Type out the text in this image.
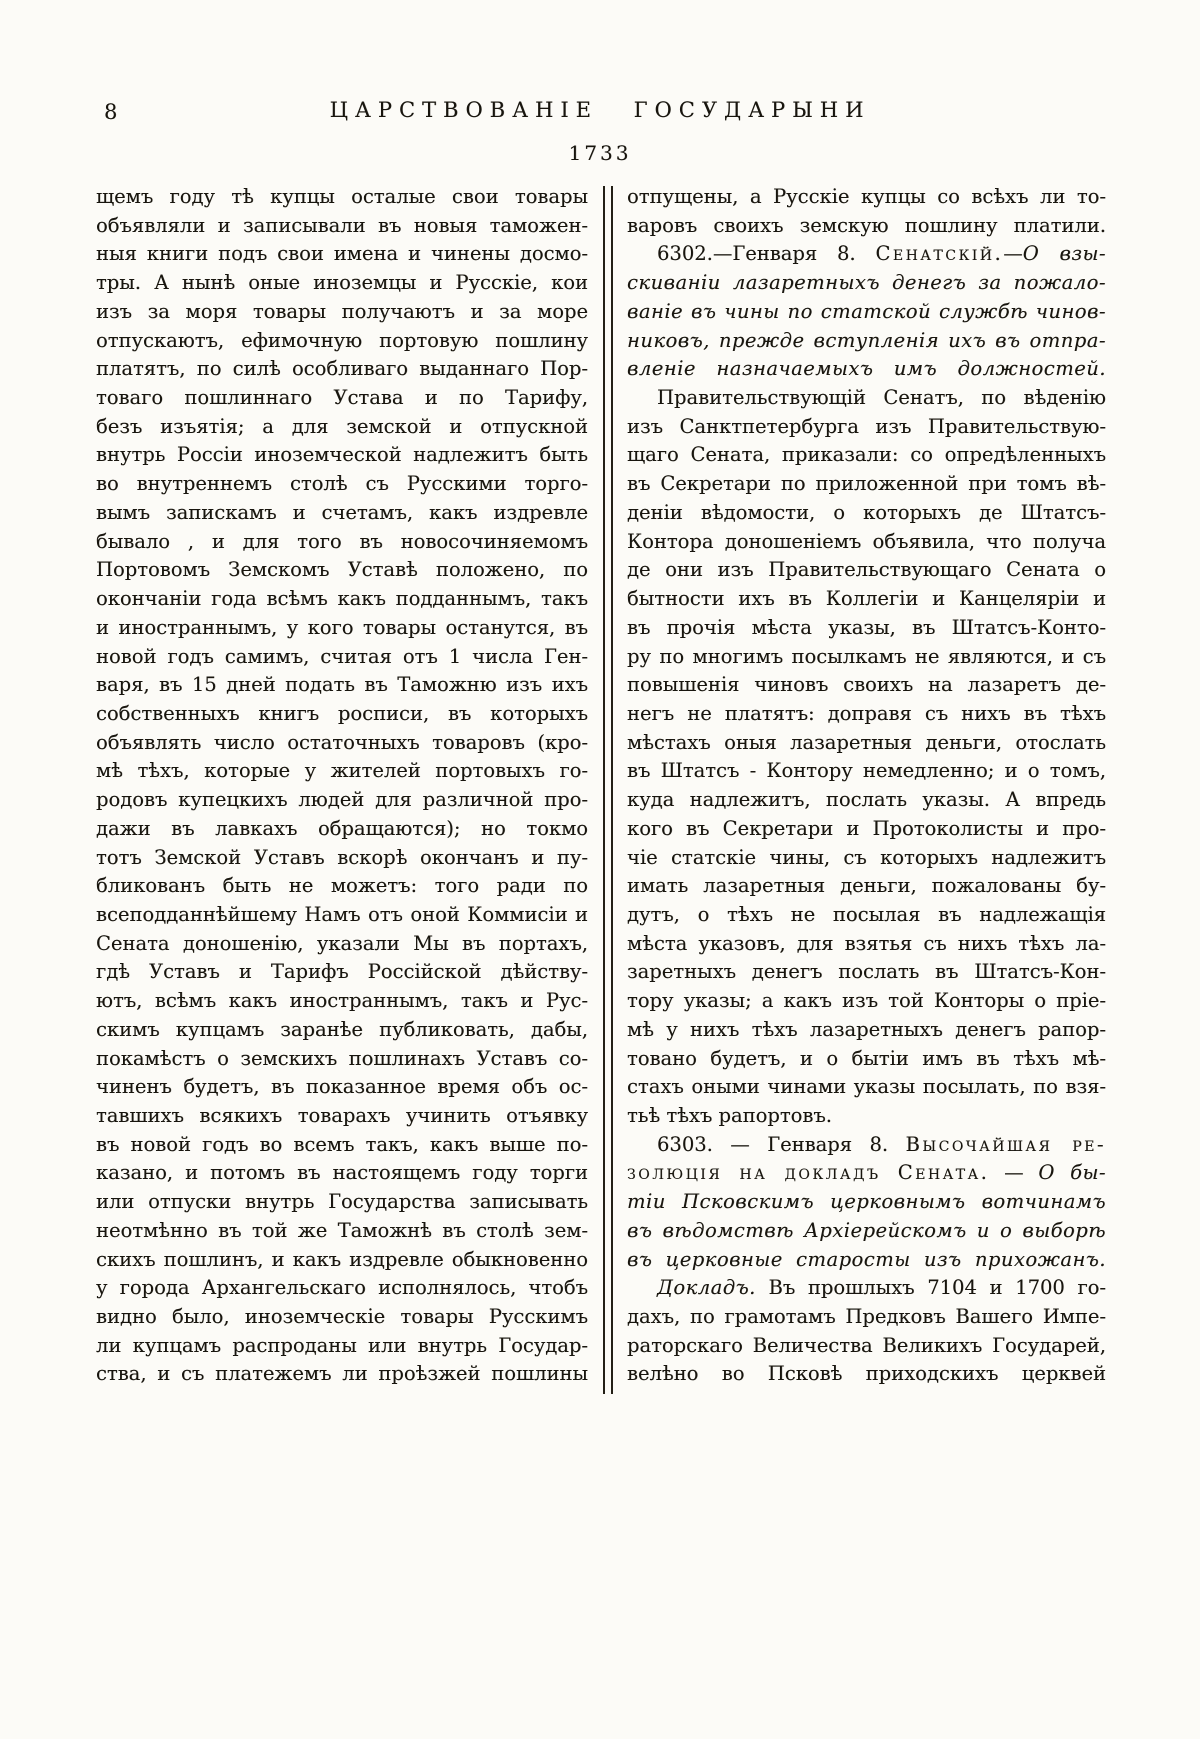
8	ЦАРСТВОВАНІЕ ГОСУДАРЫНИ
1733
щемъ году тѣ купцы осталые свои товары
объявляли и записывали въ новыя таможен-
ныя книги подъ свои имена и чинены досмо-
тры. А нынѣ оные иноземцы и Русскіе, кои
изъ за моря товары получаютъ и за море
отпускаютъ, ефимочную портовую пошлину
платятъ, по силѣ особливаго выданнаго Пор-
товаго пошлиннаго Устава и по Тарифу,
безъ изъятія; а для земской и отпускной
внутрь Россіи иноземческой надлежитъ быть
во внутреннемъ столѣ съ Русскими торго-
вымъ запискамъ и счетамъ, какъ издревле
бывало , и для того въ новосочиняемомъ
Портовомъ Земскомъ Уставѣ положено, по
окончаніи года всѣмъ какъ подданнымъ, такъ
и иностраннымъ, у кого товары останутся, въ
новой годъ самимъ, считая отъ 1 числа Ген-
варя, въ 15 дней подать въ Таможню изъ ихъ
собственныхъ книгъ росписи, въ которыхъ
объявлять число остаточныхъ товаровъ (кро-
мѣ тѣхъ, которые у жителей портовыхъ го-
родовъ купецкихъ людей для различной про-
дажи въ лавкахъ обращаются); но токмо
тотъ Земской Уставъ вскорѣ окончанъ и пу-
бликованъ быть не можетъ: того ради по
всеподданнѣйшему Намъ отъ оной Коммисіи и
Сената доношенію, указали Мы въ портахъ,
гдѣ Уставъ и Тарифъ Россійской дѣйству-
ютъ, всѣмъ какъ иностраннымъ, такъ и Рус-
скимъ купцамъ заранѣе публиковать, дабы,
покамѣстъ о земскихъ пошлинахъ Уставъ со-
чиненъ будетъ, въ показанное время объ ос-
тавшихъ всякихъ товарахъ учинить отъявку
въ новой годъ во всемъ такъ, какъ выше по-
казано, и потомъ въ настоящемъ году торги
или отпуски внутрь Государства записывать
неотмѣнно въ той же Таможнѣ въ столѣ зем-
скихъ пошлинъ, и какъ издревле обыкновенно
у города Архангельскаго исполнялось, чтобъ
видно было, иноземческіе товары Русскимъ
ли купцамъ распроданы или внутрь Государ-
ства, и съ платежемъ ли проѣзжей пошлины
отпущены, а Русскіе купцы со всѣхъ ли то-
варовъ своихъ земскую пошлину платили.
6302.—Генваря 8. Сенатскій.—О взы-
скиваніи лазаретныхъ денегъ за пожало-
ваніе въ чины по статской службѣ чинов-
никовъ, прежде вступленія ихъ въ отпра-
вленіе назначаемыхъ имъ должностей.
Правительствующій Сенатъ, по вѣденію
изъ Санктпетербурга изъ Правительствую-
щаго Сената, приказали: со опредѣленныхъ
въ Секретари по приложенной при томъ вѣ-
деніи вѣдомости, о которыхъ де Штатсъ-
Контора доношеніемъ объявила, что получа
де они изъ Правительствующаго Сената о
бытности ихъ въ Коллегіи и Канцеляріи и
въ прочія мѣста указы, въ Штатсъ-Конто-
ру по многимъ посылкамъ не являются, и съ
повышенія чиновъ своихъ на лазаретъ де-
негъ не платятъ: доправя съ нихъ въ тѣхъ
мѣстахъ оныя лазаретныя деньги, отослать
въ Штатсъ - Контору немедленно; и о томъ,
куда надлежитъ, послать указы. А впредь
кого въ Секретари и Протоколисты и про-
чіе статскіе чины, съ которыхъ надлежитъ
имать лазаретныя деньги, пожалованы бу-
дутъ, о тѣхъ не посылая въ надлежащія
мѣста указовъ, для взятья съ нихъ тѣхъ ла-
заретныхъ денегъ послать въ Штатсъ-Кон-
тору указы; а какъ изъ той Конторы о пріе-
мѣ у нихъ тѣхъ лазаретныхъ денегъ рапор-
товано будетъ, и о бытіи имъ въ тѣхъ мѣ-
стахъ оными чинами указы посылать, по взя-
тьѣ тѣхъ рапортовъ.
6303. — Генваря 8. Высочайшая ре-
золюція на докладъ Сената. — О бы-
тіи Псковскимъ церковнымъ вотчинамъ
въ вѣдомствѣ Архіерейскомъ и о выборѣ
въ церковные старосты изъ прихожанъ.
Докладъ. Въ прошлыхъ 7104 и 1700 го-
дахъ, по грамотамъ Предковъ Вашего Импе-
раторскаго Величества Великихъ Государей,
велѣно во Псковѣ приходскихъ церквей
